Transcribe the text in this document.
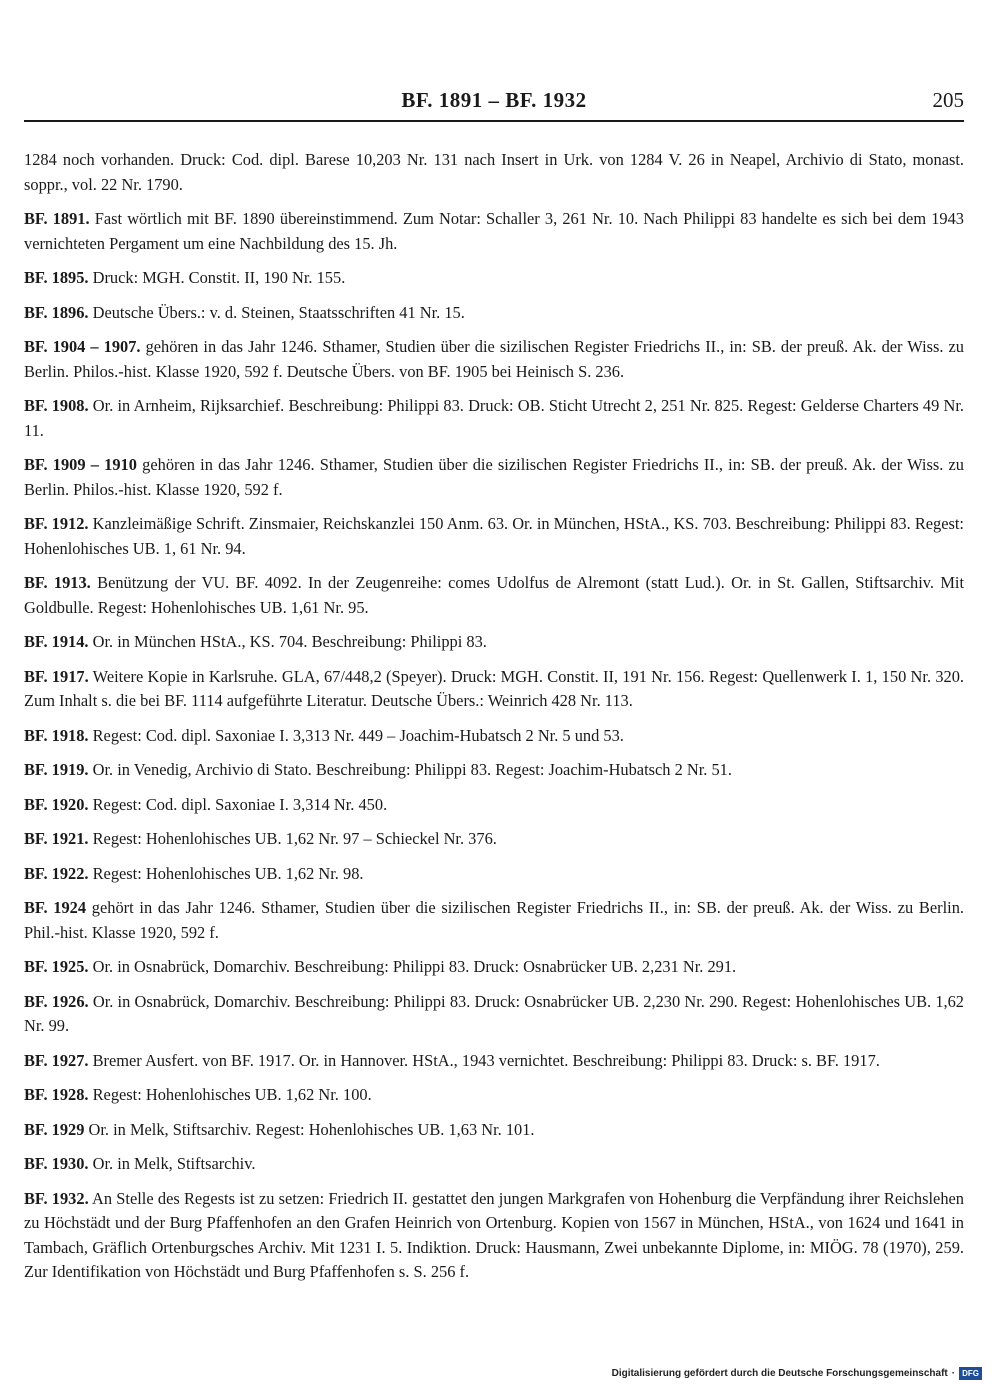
BF. 1891 – BF. 1932	205

1284 noch vorhanden. Druck: Cod. dipl. Barese 10,203 Nr. 131 nach Insert in Urk. von 1284 V. 26 in Neapel, Archivio di Stato, monast. soppr., vol. 22 Nr. 1790.

BF. 1891. Fast wörtlich mit BF. 1890 übereinstimmend. Zum Notar: Schaller 3, 261 Nr. 10. Nach Philippi 83 handelte es sich bei dem 1943 vernichteten Pergament um eine Nachbildung des 15. Jh.

BF. 1895. Druck: MGH. Constit. II, 190 Nr. 155.

BF. 1896. Deutsche Übers.: v. d. Steinen, Staatsschriften 41 Nr. 15.

BF. 1904 – 1907. gehören in das Jahr 1246. Sthamer, Studien über die sizilischen Register Friedrichs II., in: SB. der preuß. Ak. der Wiss. zu Berlin. Philos.-hist. Klasse 1920, 592 f. Deutsche Übers. von BF. 1905 bei Heinisch S. 236.

BF. 1908. Or. in Arnheim, Rijksarchief. Beschreibung: Philippi 83. Druck: OB. Sticht Utrecht 2, 251 Nr. 825. Regest: Gelderse Charters 49 Nr. 11.

BF. 1909 – 1910 gehören in das Jahr 1246. Sthamer, Studien über die sizilischen Register Friedrichs II., in: SB. der preuß. Ak. der Wiss. zu Berlin. Philos.-hist. Klasse 1920, 592 f.

BF. 1912. Kanzleimäßige Schrift. Zinsmaier, Reichskanzlei 150 Anm. 63. Or. in München, HStA., KS. 703. Beschreibung: Philippi 83. Regest: Hohenlohisches UB. 1, 61 Nr. 94.

BF. 1913. Benützung der VU. BF. 4092. In der Zeugenreihe: comes Udolfus de Alremont (statt Lud.). Or. in St. Gallen, Stiftsarchiv. Mit Goldbulle. Regest: Hohenlohisches UB. 1,61 Nr. 95.

BF. 1914. Or. in München HStA., KS. 704. Beschreibung: Philippi 83.

BF. 1917. Weitere Kopie in Karlsruhe. GLA, 67/448,2 (Speyer). Druck: MGH. Constit. II, 191 Nr. 156. Regest: Quellenwerk I. 1, 150 Nr. 320. Zum Inhalt s. die bei BF. 1114 aufgeführte Literatur. Deutsche Übers.: Weinrich 428 Nr. 113.

BF. 1918. Regest: Cod. dipl. Saxoniae I. 3,313 Nr. 449 – Joachim-Hubatsch 2 Nr. 5 und 53.

BF. 1919. Or. in Venedig, Archivio di Stato. Beschreibung: Philippi 83. Regest: Joachim-Hubatsch 2 Nr. 51.

BF. 1920. Regest: Cod. dipl. Saxoniae I. 3,314 Nr. 450.

BF. 1921. Regest: Hohenlohisches UB. 1,62 Nr. 97 – Schieckel Nr. 376.

BF. 1922. Regest: Hohenlohisches UB. 1,62 Nr. 98.

BF. 1924 gehört in das Jahr 1246. Sthamer, Studien über die sizilischen Register Friedrichs II., in: SB. der preuß. Ak. der Wiss. zu Berlin. Phil.-hist. Klasse 1920, 592 f.

BF. 1925. Or. in Osnabrück, Domarchiv. Beschreibung: Philippi 83. Druck: Osnabrücker UB. 2,231 Nr. 291.

BF. 1926. Or. in Osnabrück, Domarchiv. Beschreibung: Philippi 83. Druck: Osnabrücker UB. 2,230 Nr. 290. Regest: Hohenlohisches UB. 1,62 Nr. 99.

BF. 1927. Bremer Ausfert. von BF. 1917. Or. in Hannover. HStA., 1943 vernichtet. Beschreibung: Philippi 83. Druck: s. BF. 1917.

BF. 1928. Regest: Hohenlohisches UB. 1,62 Nr. 100.

BF. 1929 Or. in Melk, Stiftsarchiv. Regest: Hohenlohisches UB. 1,63 Nr. 101.

BF. 1930. Or. in Melk, Stiftsarchiv.

BF. 1932. An Stelle des Regests ist zu setzen: Friedrich II. gestattet den jungen Markgrafen von Hohenburg die Verpfändung ihrer Reichslehen zu Höchstädt und der Burg Pfaffenhofen an den Grafen Heinrich von Ortenburg. Kopien von 1567 in München, HStA., von 1624 und 1641 in Tambach, Gräflich Ortenburgsches Archiv. Mit 1231 I. 5. Indiktion. Druck: Hausmann, Zwei unbekannte Diplome, in: MIÖG. 78 (1970), 259. Zur Identifikation von Höchstädt und Burg Pfaffenhofen s. S. 256 f.

Digitalisierung gefördert durch die Deutsche Forschungsgemeinschaft · DFG
